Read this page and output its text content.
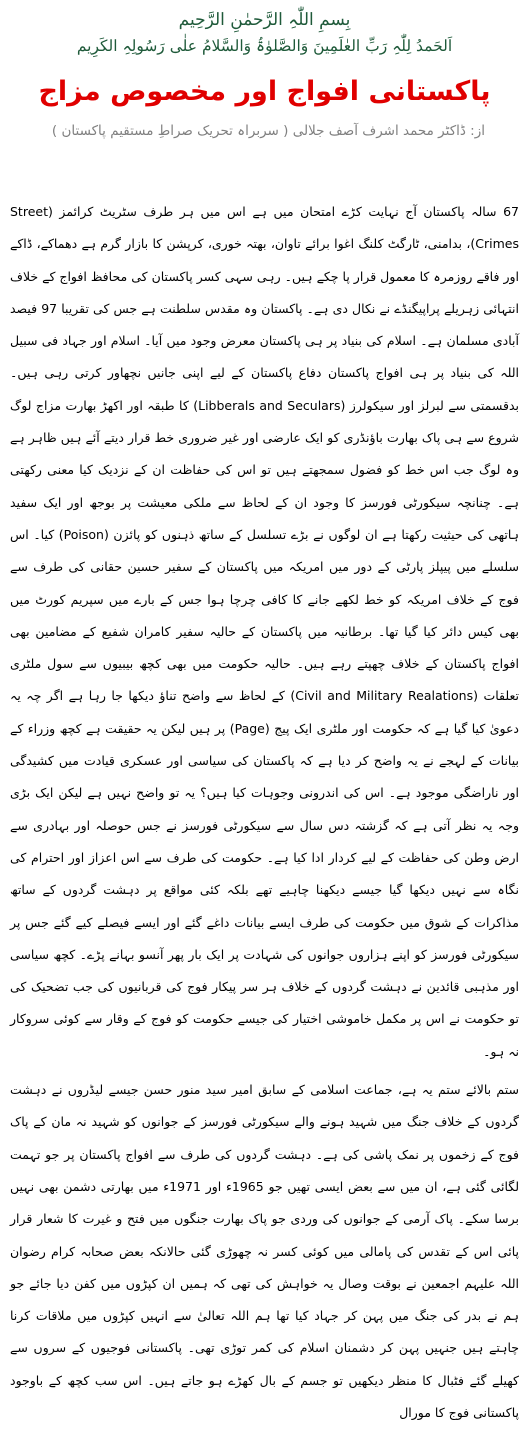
بِسمِ اللّٰہِ الرَّحمٰنِ الرَّحِیم

اَلحَمدُ لِلّٰہِ رَبِّ العٰلَمِینَ وَالصَّلوٰۃُ وَالسَّلامُ علٰی رَسُولِہِ الکَرِیم

پاکستانی افواج اور مخصوص مزاج

از: ڈاکٹر محمد اشرف آصف جلالی ( سربراہ تحریک صراطِ مستقیم پاکستان )

67 سالہ پاکستان آج نہایت کڑے امتحان میں ہے اس میں ہر طرف سٹریٹ کرائمز (Street Crimes)، بدامنی، ٹارگٹ کلنگ اغوا برائے تاوان، بھتہ خوری، کرپشن کا بازار گرم ہے دھماکے، ڈاکے اور فاقے روزمرہ کا معمول قرار پا چکے ہیں۔ رہی سہی کسر پاکستان کی محافظ افواج کے خلاف انتہائی زہریلے پراپیگنڈے نے نکال دی ہے۔ پاکستان وہ مقدس سلطنت ہے جس کی تقریبا 97 فیصد آبادی مسلمان ہے۔ اسلام کی بنیاد پر ہی پاکستان معرض وجود میں آیا۔ اسلام اور جہاد فی سبیل اللہ کی بنیاد پر ہی افواج پاکستان دفاع پاکستان کے لیے اپنی جانیں نچھاور کرتی رہی ہیں۔ بدقسمتی سے لبرلز اور سیکولرز (Libberals and Seculars) کا طبقہ اور اکھڑ بھارت مزاج لوگ شروع سے ہی پاک بھارت باؤنڈری کو ایک عارضی اور غیر ضروری خط قرار دیتے آئے ہیں ظاہر ہے وہ لوگ جب اس خط کو فضول سمجھتے ہیں تو اس کی حفاظت ان کے نزدیک کیا معنی رکھتی ہے۔ چنانچہ سیکورٹی فورسز کا وجود ان کے لحاظ سے ملکی معیشت پر بوجھ اور ایک سفید ہاتھی کی حیثیت رکھتا ہے ان لوگوں نے بڑے تسلسل کے ساتھ ذہنوں کو پائزن (Poison) کیا۔ اس سلسلے میں پیپلز پارٹی کے دور میں امریکہ میں پاکستان کے سفیر حسین حقانی کی طرف سے فوج کے خلاف امریکہ کو خط لکھے جانے کا کافی چرچا ہوا جس کے بارے میں سپریم کورٹ میں بھی کیس دائر کیا گیا تھا۔ برطانیہ میں پاکستان کے حالیہ سفیر کامران شفیع کے مضامین بھی افواج پاکستان کے خلاف چھپتے رہے ہیں۔ حالیہ حکومت میں بھی کچھ بیبیوں سے سول ملٹری تعلقات (Civil and Military Realations) کے لحاظ سے واضح تناؤ دیکھا جا رہا ہے اگر چہ یہ دعویٰ کیا گیا ہے کہ حکومت اور ملٹری ایک پیج (Page) پر ہیں لیکن یہ حقیقت ہے کچھ وزراء کے بیانات کے لہجے نے یہ واضح کر دیا ہے کہ پاکستان کی سیاسی اور عسکری قیادت میں کشیدگی اور ناراضگی موجود ہے۔ اس کی اندرونی وجوہات کیا ہیں؟ یہ تو واضح نہیں ہے لیکن ایک بڑی وجہ یہ نظر آتی ہے کہ گزشتہ دس سال سے سیکورٹی فورسز نے جس حوصلہ اور بہادری سے ارض وطن کی حفاظت کے لیے کردار ادا کیا ہے۔ حکومت کی طرف سے اس اعزاز اور احترام کی نگاہ سے نہیں دیکھا گیا جیسے دیکھنا چاہیے تھے بلکہ کئی مواقع پر دہشت گردوں کے ساتھ مذاکرات کے شوق میں حکومت کی طرف ایسے بیانات داغے گئے اور ایسے فیصلے کیے گئے جس پر سیکورٹی فورسز کو اپنے ہزاروں جوانوں کی شہادت پر ایک بار پھر آنسو بہانے پڑے۔ کچھ سیاسی اور مذہبی قائدین نے دہشت گردوں کے خلاف ہر سر پیکار فوج کی قربانیوں کی جب تضحیک کی تو حکومت نے اس پر مکمل خاموشی اختیار کی جیسے حکومت کو فوج کے وقار سے کوئی سروکار نہ ہو۔

ستم بالائے ستم یہ ہے، جماعت اسلامی کے سابق امیر سید منور حسن جیسے لیڈروں نے دہشت گردوں کے خلاف جنگ میں شہید ہونے والے سیکورٹی فورسز کے جوانوں کو شہید نہ مان کے پاک فوج کے زخموں پر نمک پاشی کی ہے۔ دہشت گردوں کی طرف سے افواج پاکستان پر جو تہمت لگائی گئی ہے، ان میں سے بعض ایسی تھیں جو 1965ء اور 1971ء میں بھارتی دشمن بھی نہیں برسا سکے۔ پاک آرمی کے جوانوں کی وردی جو پاک بھارت جنگوں میں فتح و غیرت کا شعار قرار پائی اس کے تقدس کی پامالی میں کوئی کسر نہ چھوڑی گئی حالانکہ بعض صحابہ کرام رضوان اللہ علیہم اجمعین نے بوقت وصال یہ خواہش کی تھی کہ ہمیں ان کپڑوں میں کفن دیا جائے جو ہم نے بدر کی جنگ میں پہن کر جہاد کیا تھا ہم اللہ تعالیٰ سے انہیں کپڑوں میں ملاقات کرنا چاہتے ہیں جنہیں پہن کر دشمنان اسلام کی کمر توڑی تھی۔ پاکستانی فوجیوں کے سروں سے کھیلے گئے فٹبال کا منظر دیکھیں تو جسم کے بال کھڑے ہو جاتے ہیں۔ اس سب کچھ کے باوجود پاکستانی فوج کا مورال
